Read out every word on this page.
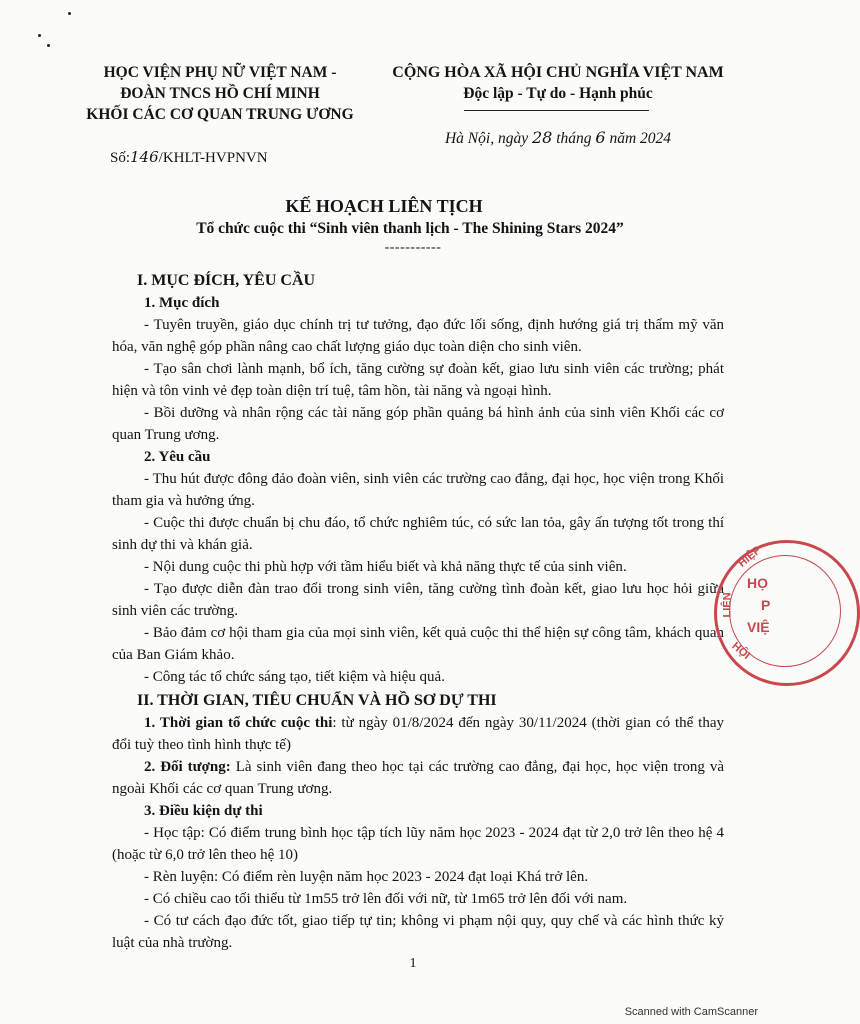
HỌC VIỆN PHỤ NỮ VIỆT NAM -
ĐOÀN TNCS HỒ CHÍ MINH
KHỐI CÁC CƠ QUAN TRUNG ƯƠNG
CỘNG HÒA XÃ HỘI CHỦ NGHĨA VIỆT NAM
Độc lập - Tự do - Hạnh phúc
Số:146/KHLT-HVPNVN
Hà Nội, ngày 28 tháng 6 năm 2024
KẾ HOẠCH LIÊN TỊCH
Tổ chức cuộc thi “Sinh viên thanh lịch - The Shining Stars 2024”
-----------

I. MỤC ĐÍCH, YÊU CẦU

1. Mục đích

- Tuyên truyền, giáo dục chính trị tư tưởng, đạo đức lối sống, định hướng giá trị thẩm mỹ văn hóa, văn nghệ góp phần nâng cao chất lượng giáo dục toàn diện cho sinh viên.

- Tạo sân chơi lành mạnh, bổ ích, tăng cường sự đoàn kết, giao lưu sinh viên các trường; phát hiện và tôn vinh vẻ đẹp toàn diện trí tuệ, tâm hồn, tài năng và ngoại hình.

- Bồi dưỡng và nhân rộng các tài năng góp phần quảng bá hình ảnh của sinh viên Khối các cơ quan Trung ương.

2. Yêu cầu

- Thu hút được đông đảo đoàn viên, sinh viên các trường cao đẳng, đại học, học viện trong Khối tham gia và hưởng ứng.

- Cuộc thi được chuẩn bị chu đáo, tổ chức nghiêm túc, có sức lan tỏa, gây ấn tượng tốt trong thí sinh dự thi và khán giả.

- Nội dung cuộc thi phù hợp với tầm hiểu biết và khả năng thực tế của sinh viên.

- Tạo được diễn đàn trao đổi trong sinh viên, tăng cường tình đoàn kết, giao lưu học hỏi giữa sinh viên các trường.

- Bảo đảm cơ hội tham gia của mọi sinh viên, kết quả cuộc thi thể hiện sự công tâm, khách quan của Ban Giám khảo.

- Công tác tổ chức sáng tạo, tiết kiệm và hiệu quả.

II. THỜI GIAN, TIÊU CHUẨN VÀ HỒ SƠ DỰ THI

1. Thời gian tổ chức cuộc thi: từ ngày 01/8/2024 đến ngày 30/11/2024 (thời gian có thể thay đổi tuỳ theo tình hình thực tế)

2. Đối tượng: Là sinh viên đang theo học tại các trường cao đẳng, đại học, học viện trong và ngoài Khối các cơ quan Trung ương.

3. Điều kiện dự thi

- Học tập: Có điểm trung bình học tập tích lũy năm học 2023 - 2024 đạt từ 2,0 trở lên theo hệ 4 (hoặc từ 6,0 trở lên theo hệ 10)

- Rèn luyện: Có điểm rèn luyện năm học 2023 - 2024 đạt loại Khá trở lên.

- Có chiều cao tối thiểu từ 1m55 trở lên đối với nữ, từ 1m65 trở lên đối với nam.

- Có tư cách đạo đức tốt, giao tiếp tự tin; không vi phạm nội quy, quy chế và các hình thức kỷ luật của nhà trường.

HIỆP
LIÊN
HỘI
HỌ
P
VIỆ
1
Scanned with CamScanner
